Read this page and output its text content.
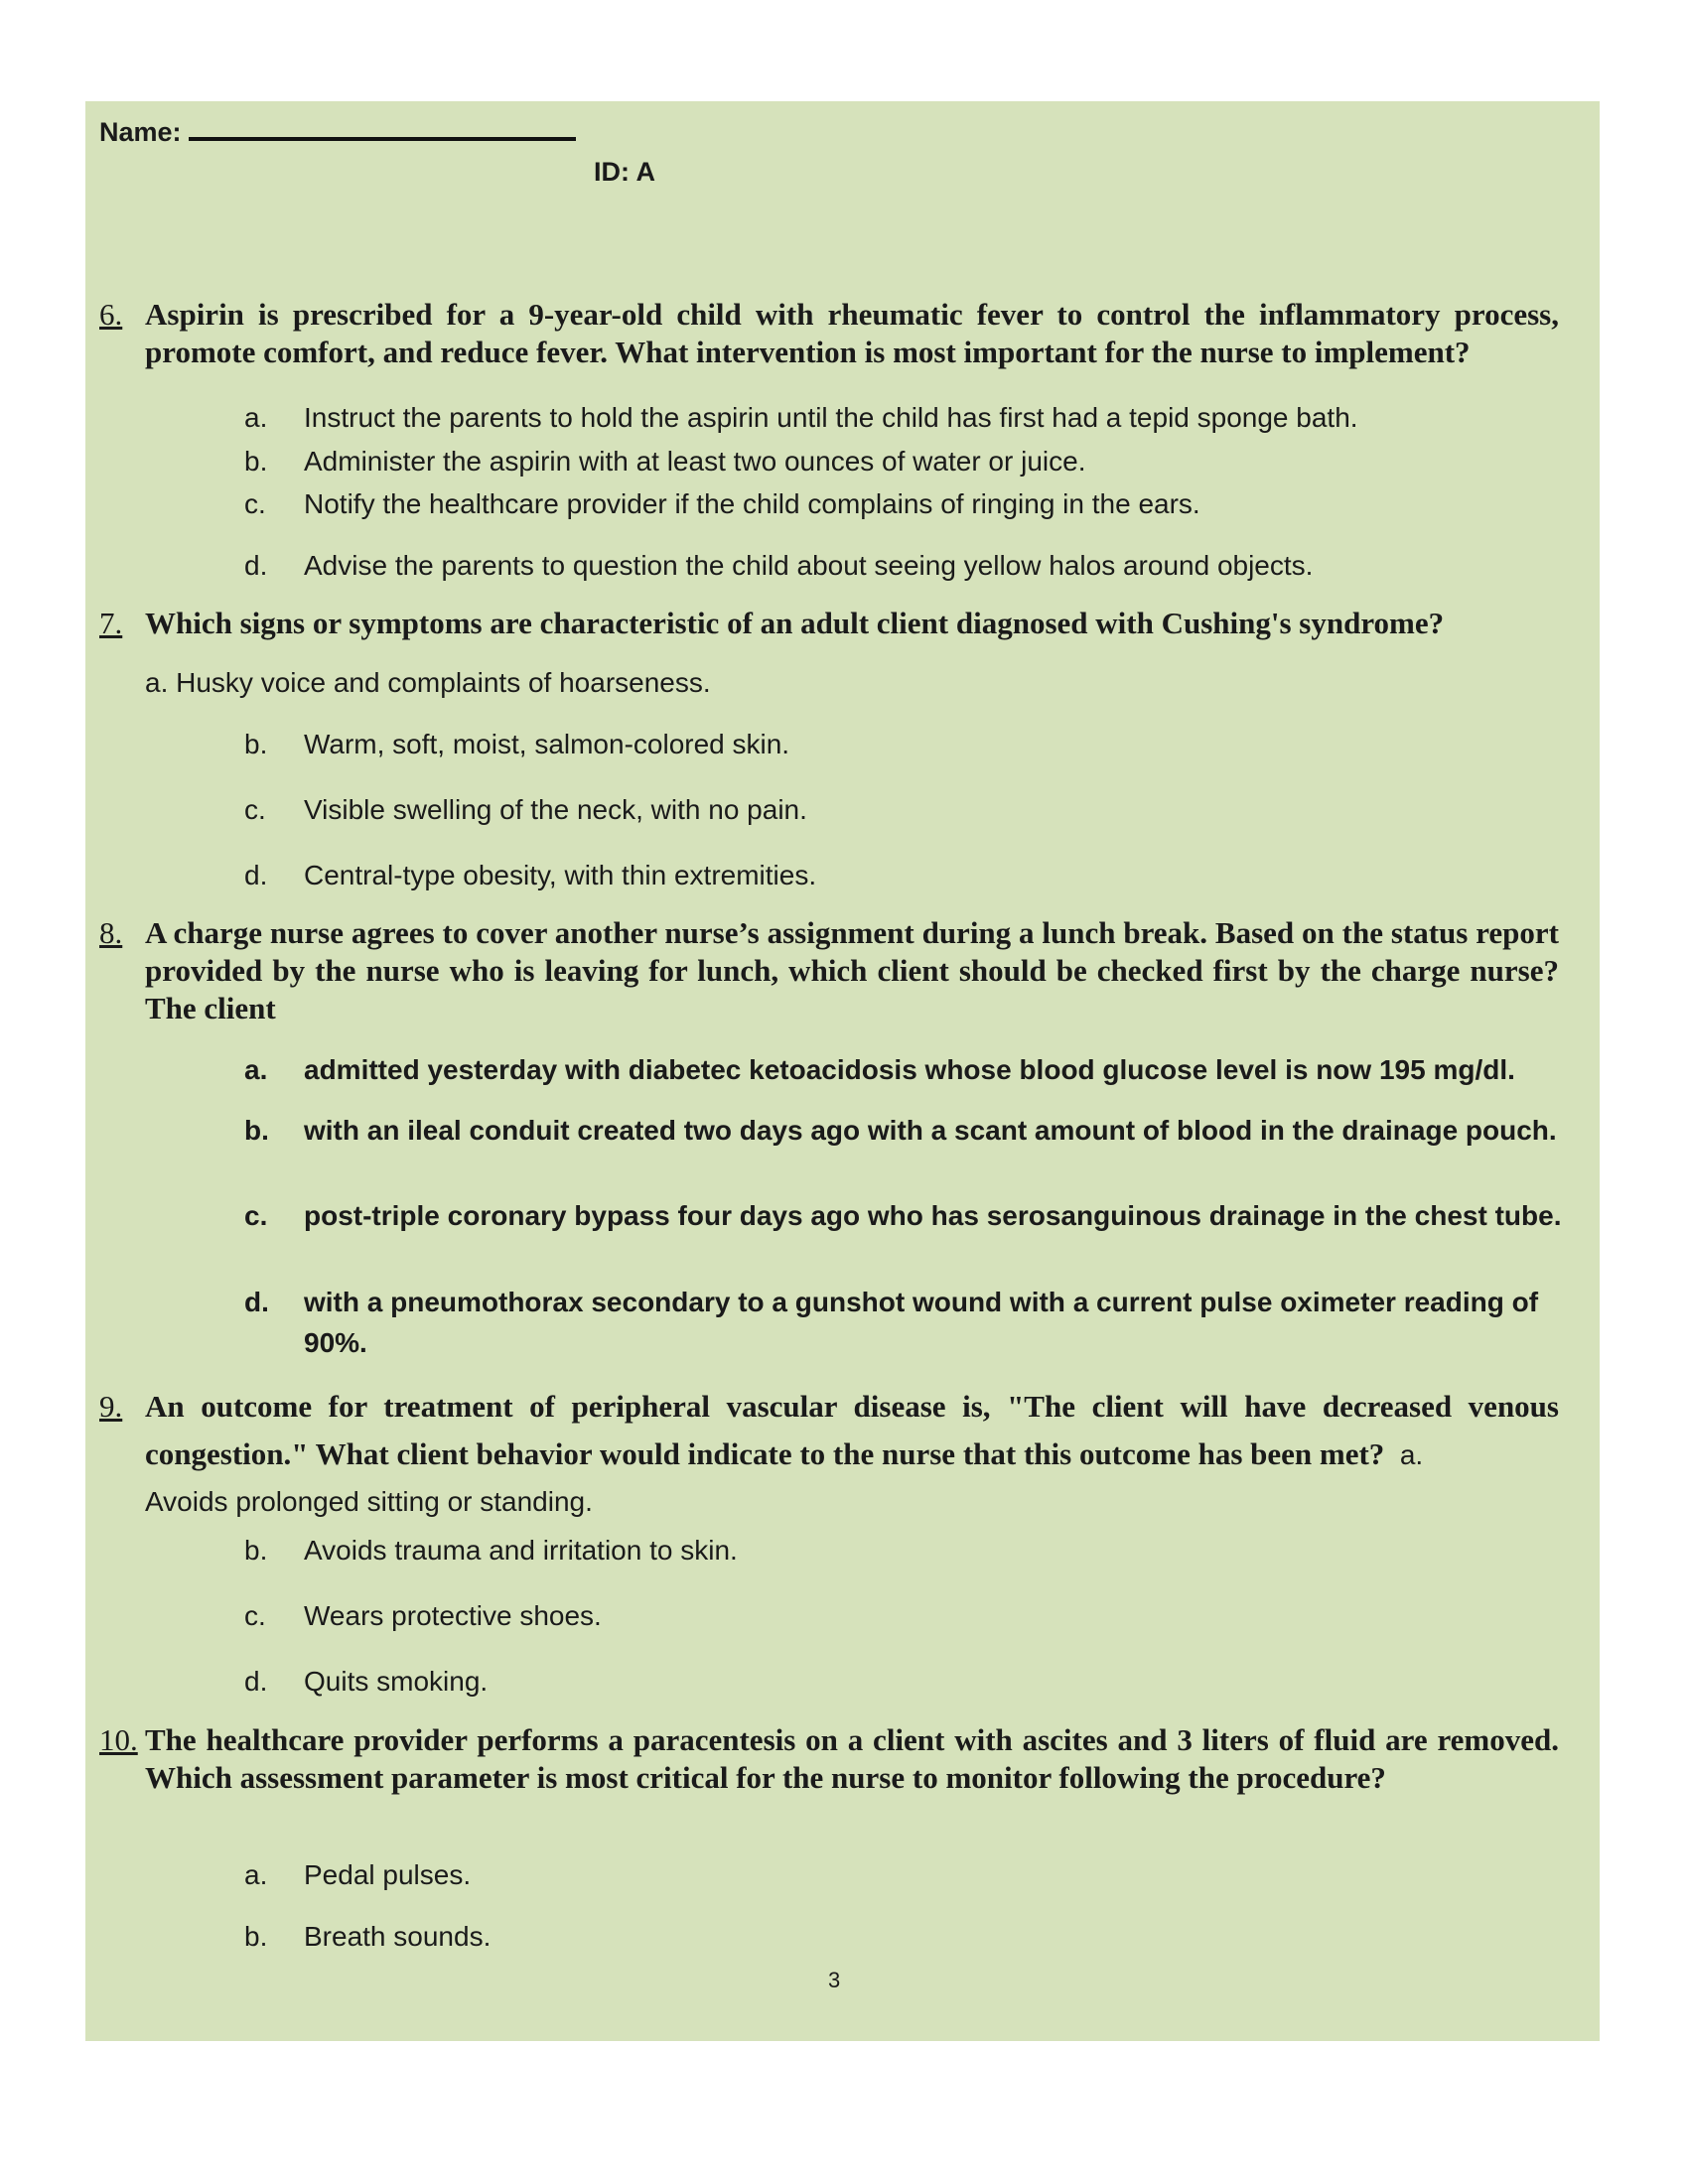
Name:
ID: A
6. Aspirin is prescribed for a 9-year-old child with rheumatic fever to control the inflammatory process, promote comfort, and reduce fever. What intervention is most important for the nurse to implement?
a.	Instruct the parents to hold the aspirin until the child has first had a tepid sponge bath.
b.	Administer the aspirin with at least two ounces of water or juice.
c.	Notify the healthcare provider if the child complains of ringing in the ears.
d.	Advise the parents to question the child about seeing yellow halos around objects.
7. Which signs or symptoms are characteristic of an adult client diagnosed with Cushing's syndrome?
a. Husky voice and complaints of hoarseness.
b.	Warm, soft, moist, salmon-colored skin.
c.	Visible swelling of the neck, with no pain.
d.	Central-type obesity, with thin extremities.
8. A charge nurse agrees to cover another nurse’s assignment during a lunch break. Based on the status report provided by the nurse who is leaving for lunch, which client should be checked first by the charge nurse? The client
a.	admitted yesterday with diabetec ketoacidosis whose blood glucose level is now 195 mg/dl.
b.	with an ileal conduit created two days ago with a scant amount of blood in the drainage pouch.
c.	post-triple coronary bypass four days ago who has serosanguinous drainage in the chest tube.
d.	with a pneumothorax secondary to a gunshot wound with a current pulse oximeter reading of 90%.
9. An outcome for treatment of peripheral vascular disease is, "The client will have decreased venous congestion." What client behavior would indicate to the nurse that this outcome has been met? a.
Avoids prolonged sitting or standing.
b.	Avoids trauma and irritation to skin.
c.	Wears protective shoes.
d.	Quits smoking.
10. The healthcare provider performs a paracentesis on a client with ascites and 3 liters of fluid are removed. Which assessment parameter is most critical for the nurse to monitor following the procedure?
a.	Pedal pulses.
b.	Breath sounds.
3
